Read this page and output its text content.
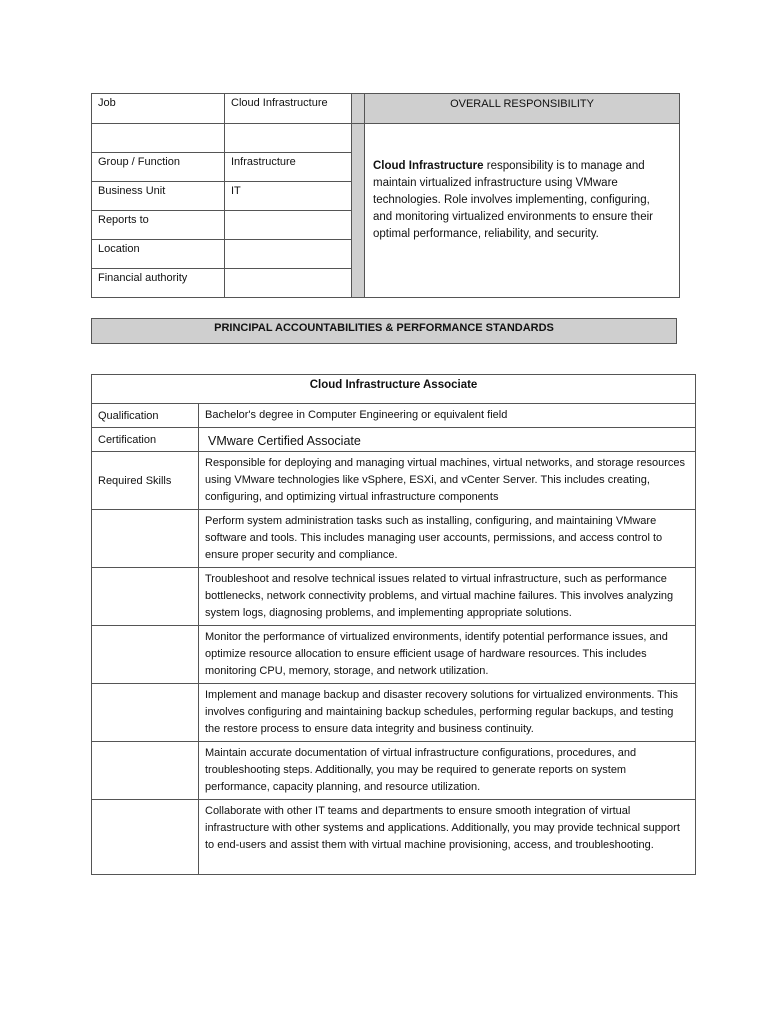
Job	Cloud Infrastructure		OVERALL RESPONSIBILITY
			Cloud Infrastructure responsibility is to manage and maintain virtualized infrastructure using VMware technologies. Role involves implementing, configuring, and monitoring virtualized environments to ensure their optimal performance, reliability, and security.
Group / Function	Infrastructure		
Business Unit	IT		
Reports to			
Location			
Financial authority			
PRINCIPAL ACCOUNTABILITIES & PERFORMANCE STANDARDS
Cloud Infrastructure Associate	
Qualification	Bachelor's degree in Computer Engineering or equivalent field
Certification	VMware Certified Associate
Required Skills	Responsible for deploying and managing virtual machines, virtual networks, and storage resources using VMware technologies like vSphere, ESXi, and vCenter Server. This includes creating, configuring, and optimizing virtual infrastructure components
	Perform system administration tasks such as installing, configuring, and maintaining VMware software and tools. This includes managing user accounts, permissions, and access control to ensure proper security and compliance.
	Troubleshoot and resolve technical issues related to virtual infrastructure, such as performance bottlenecks, network connectivity problems, and virtual machine failures. This involves analyzing system logs, diagnosing problems, and implementing appropriate solutions.
	Monitor the performance of virtualized environments, identify potential performance issues, and optimize resource allocation to ensure efficient usage of hardware resources. This includes monitoring CPU, memory, storage, and network utilization.
	Implement and manage backup and disaster recovery solutions for virtualized environments. This involves configuring and maintaining backup schedules, performing regular backups, and testing the restore process to ensure data integrity and business continuity.
	Maintain accurate documentation of virtual infrastructure configurations, procedures, and troubleshooting steps. Additionally, you may be required to generate reports on system performance, capacity planning, and resource utilization.
	Collaborate with other IT teams and departments to ensure smooth integration of virtual infrastructure with other systems and applications. Additionally, you may provide technical support to end-users and assist them with virtual machine provisioning, access, and troubleshooting.
